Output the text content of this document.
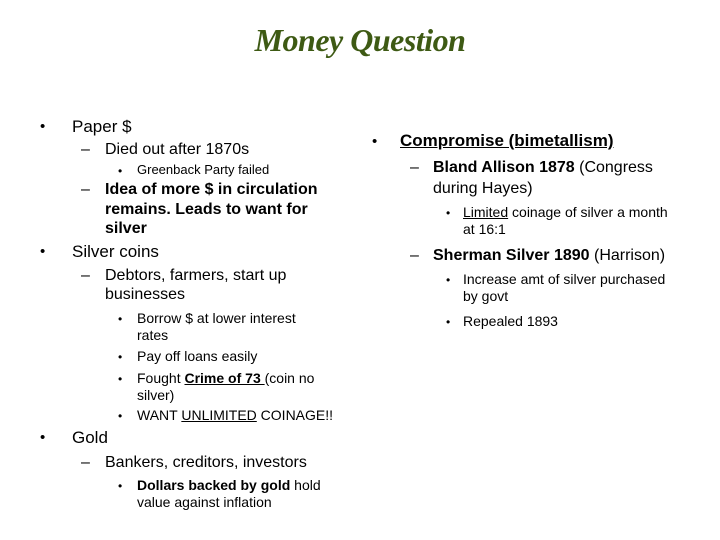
Money Question
• Paper $
– Died out after 1870s
• Greenback Party failed
– Idea of more $ in circulation
remains. Leads to want for
silver
• Silver coins
– Debtors, farmers, start up
businesses
• Borrow $ at lower interest
rates
• Pay off loans easily
• Fought Crime of 73 (coin no
silver)
• WANT UNLIMITED COINAGE!!
• Gold
– Bankers, creditors, investors
• Dollars backed by gold hold
value against inflation
• Compromise (bimetallism)
– Bland Allison 1878 (Congress
during Hayes)
• Limited coinage of silver a month
at 16:1
– Sherman Silver 1890 (Harrison)
• Increase amt of silver purchased
by govt
• Repealed 1893
